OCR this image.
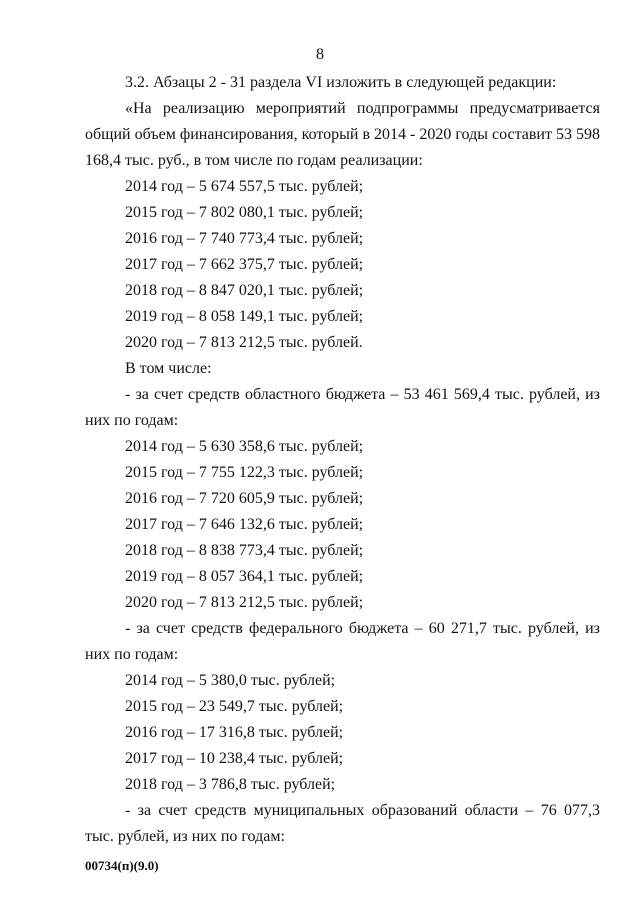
8

3.2. Абзацы 2 - 31 раздела VI изложить в следующей редакции:

«На реализацию мероприятий подпрограммы предусматривается общий объем финансирования, который в 2014 - 2020 годы составит 53 598 168,4 тыс. руб., в том числе по годам реализации:

2014 год – 5 674 557,5 тыс. рублей;

2015 год – 7 802 080,1 тыс. рублей;

2016 год – 7 740 773,4 тыс. рублей;

2017 год – 7 662 375,7 тыс. рублей;

2018 год – 8 847 020,1 тыс. рублей;

2019 год – 8 058 149,1 тыс. рублей;

2020 год – 7 813 212,5 тыс. рублей.

В том числе:

- за счет средств областного бюджета – 53 461 569,4 тыс. рублей, из них по годам:

2014 год – 5 630 358,6 тыс. рублей;

2015 год – 7 755 122,3 тыс. рублей;

2016 год – 7 720 605,9 тыс. рублей;

2017 год – 7 646 132,6 тыс. рублей;

2018 год – 8 838 773,4 тыс. рублей;

2019 год – 8 057 364,1 тыс. рублей;

2020 год – 7 813 212,5 тыс. рублей;

- за счет средств федерального бюджета – 60 271,7 тыс. рублей, из них по годам:

2014 год – 5 380,0 тыс. рублей;

2015 год – 23 549,7 тыс. рублей;

2016 год – 17 316,8 тыс. рублей;

2017 год – 10 238,4 тыс. рублей;

2018 год – 3 786,8 тыс. рублей;

- за счет средств муниципальных образований области – 76 077,3 тыс. рублей, из них по годам:

00734(п)(9.0)
